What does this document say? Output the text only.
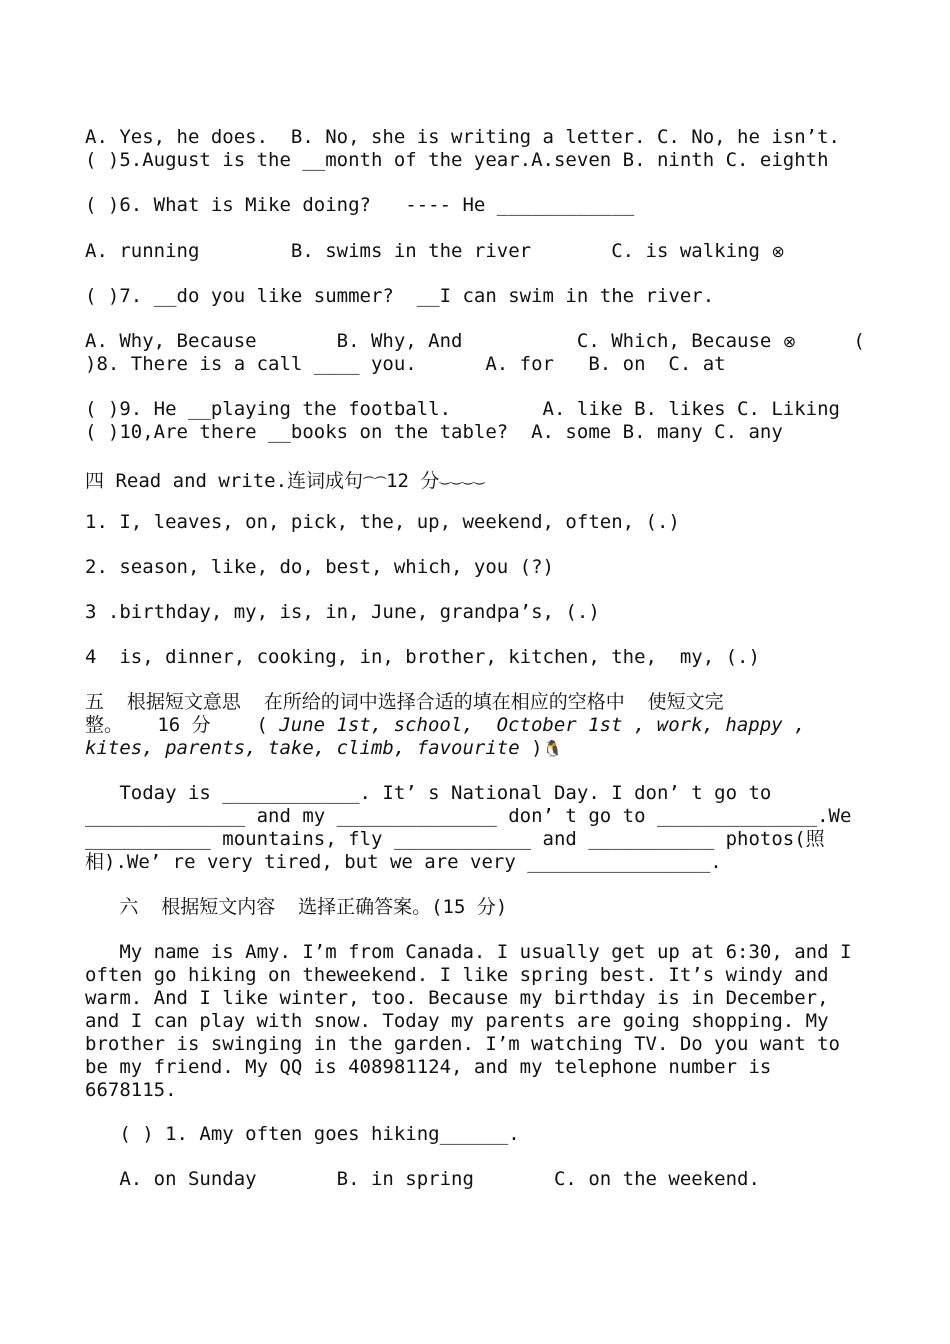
A. Yes, he does.  B. No, she is writing a letter. C. No, he isn’t.
( )5.August is the __month of the year.A.seven B. ninth C. eighth
( )6. What is Mike doing?   ---- He ____________
A. running        B. swims in the river       C. is walking ⊗
( )7. __do you like summer?  __I can swim in the river.
A. Why, Because       B. Why, And          C. Which, Because ⊗	(
)8. There is a call ____ you.      A. for   B. on  C. at
( )9. He __playing the football.        A. like B. likes C. Liking
( )10,Are there __books on the table?  A. some B. many C. any
四 Read and write.连词成句⏜⏜12 分⏝⏝⏝⏝
1. I, leaves, on, pick, the, up, weekend, often, (.)
2. season, like, do, best, which, you (?)
3 .birthday, my, is, in, June, grandpa’s, (.)
4  is, dinner, cooking, in, brother, kitchen, the,  my, (.)
五  根据短文意思  在所给的词中选择合适的填在相应的空格中  使短文完
整。   16 分    ( June 1st, school,  October 1st , work, happy ,
kites, parents, take, climb, favourite )🐧
Today is ____________. It’ s National Day. I don’ t go to
______________ and my ______________ don’ t go to ______________.We
___________ mountains, fly ____________ and ___________ photos(照
相).We’ re very tired, but we are very ________________.
六  根据短文内容  选择正确答案。(15 分)
My name is Amy. I’m from Canada. I usually get up at 6:30, and I
often go hiking on theweekend. I like spring best. It’s windy and
warm. And I like winter, too. Because my birthday is in December,
and I can play with snow. Today my parents are going shopping. My
brother is swinging in the garden. I’m watching TV. Do you want to
be my friend. My QQ is 408981124, and my telephone number is
6678115.
( ) 1. Amy often goes hiking______.
A. on Sunday       B. in spring       C. on the weekend.
